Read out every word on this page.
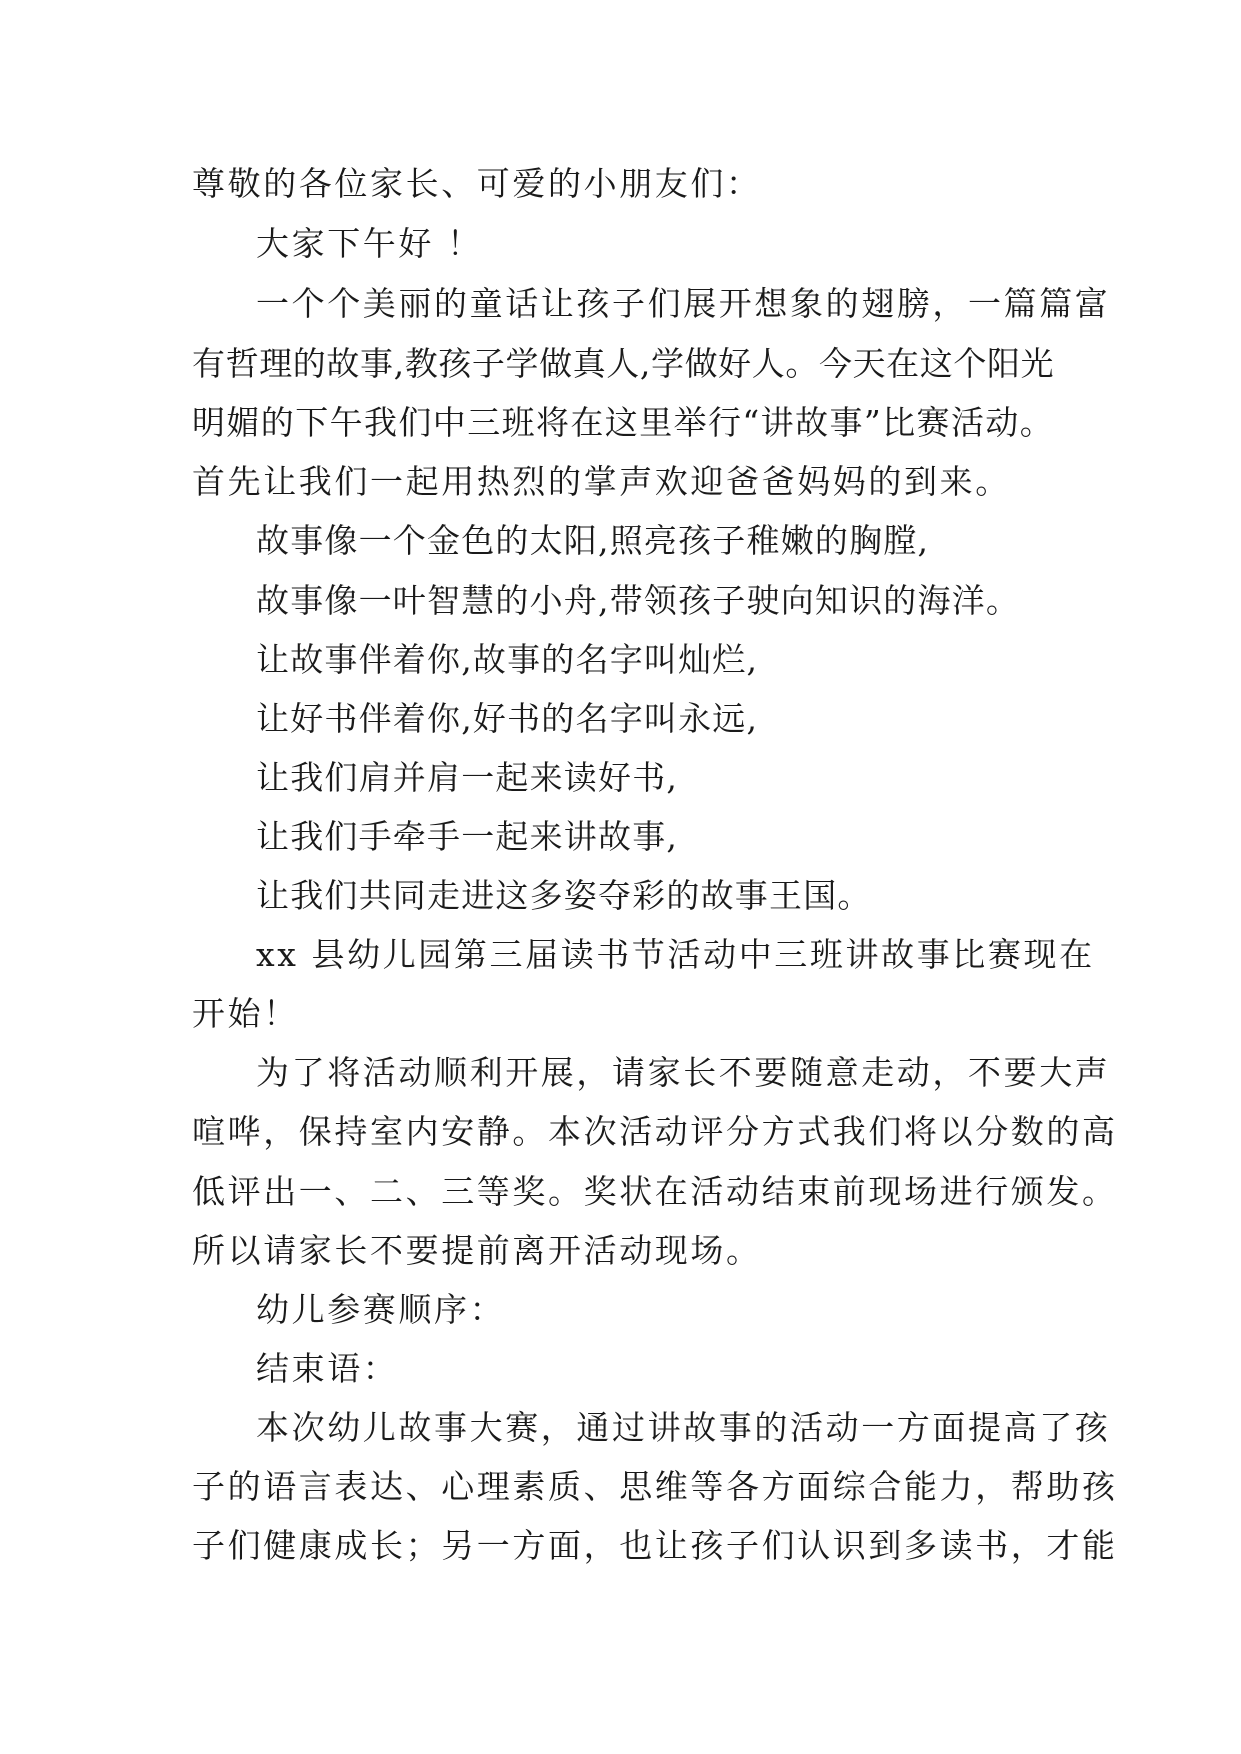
尊敬的各位家长、可爱的小朋友们：
大家下午好 ！
一个个美丽的童话让孩子们展开想象的翅膀，一篇篇富
有哲理的故事,教孩子学做真人,学做好人。今天在这个阳光
明媚的下午我们中三班将在这里举行“讲故事”比赛活动。
首先让我们一起用热烈的掌声欢迎爸爸妈妈的到来。
故事像一个金色的太阳,照亮孩子稚嫩的胸膛,
故事像一叶智慧的小舟,带领孩子驶向知识的海洋。
让故事伴着你,故事的名字叫灿烂,
让好书伴着你,好书的名字叫永远,
让我们肩并肩一起来读好书,
让我们手牵手一起来讲故事,
让我们共同走进这多姿夺彩的故事王国。
xx 县幼儿园第三届读书节活动中三班讲故事比赛现在
开始！
为了将活动顺利开展，请家长不要随意走动，不要大声
喧哗，保持室内安静。本次活动评分方式我们将以分数的高
低评出一、二、三等奖。奖状在活动结束前现场进行颁发。
所以请家长不要提前离开活动现场。
幼儿参赛顺序：
结束语：
本次幼儿故事大赛，通过讲故事的活动一方面提高了孩
子的语言表达、心理素质、思维等各方面综合能力，帮助孩
子们健康成长；另一方面，也让孩子们认识到多读书，才能
